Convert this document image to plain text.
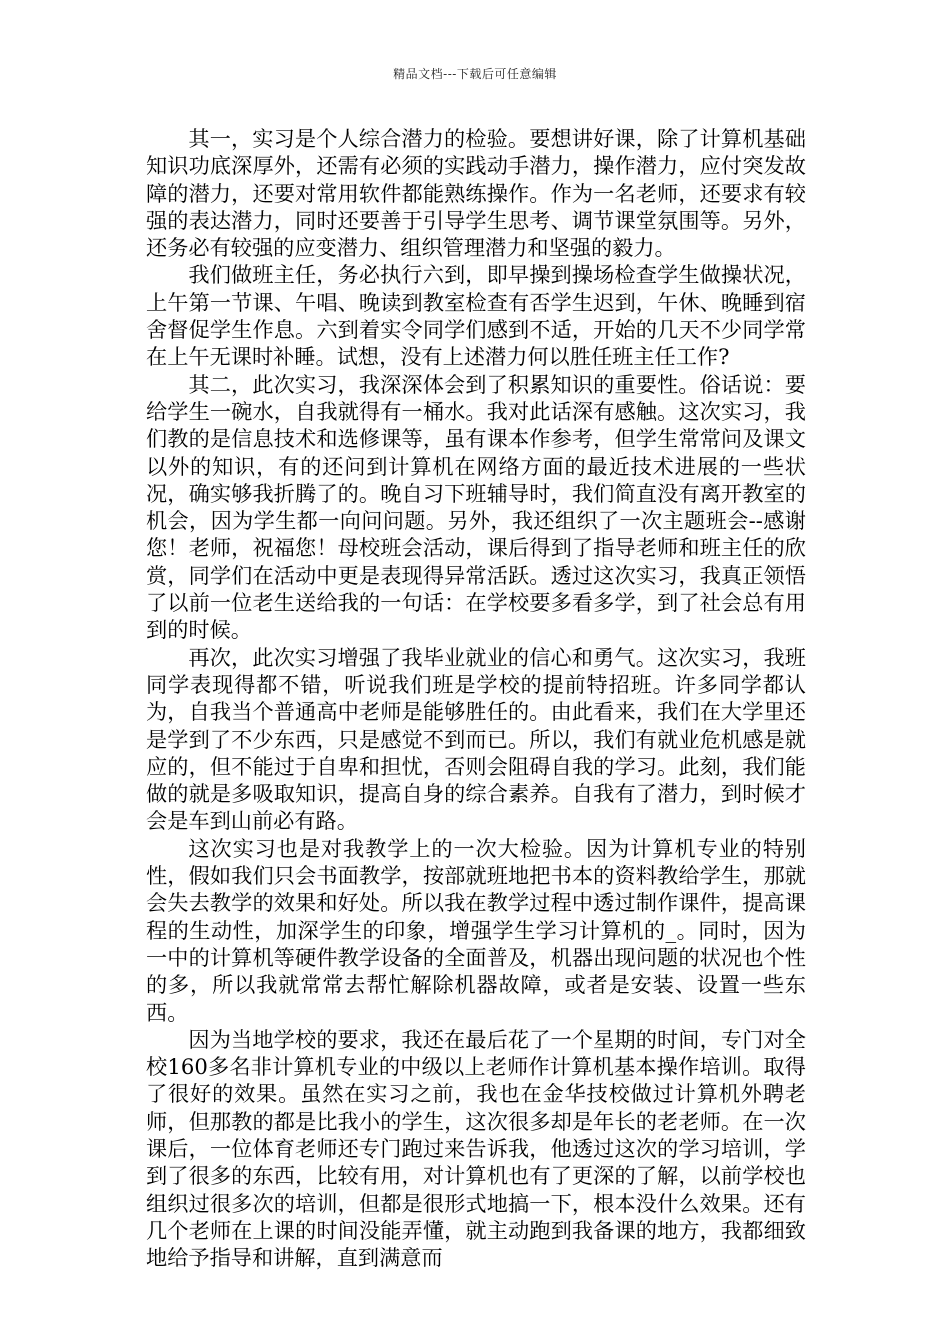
精品文档---下载后可任意编辑

其一，实习是个人综合潜力的检验。要想讲好课，除了计算机基础知识功底深厚外，还需有必须的实践动手潜力，操作潜力，应付突发故障的潜力，还要对常用软件都能熟练操作。作为一名老师，还要求有较强的表达潜力，同时还要善于引导学生思考、调节课堂氛围等。另外，还务必有较强的应变潜力、组织管理潜力和坚强的毅力。

我们做班主任，务必执行六到，即早操到操场检查学生做操状况，上午第一节课、午唱、晚读到教室检查有否学生迟到，午休、晚睡到宿舍督促学生作息。六到着实令同学们感到不适，开始的几天不少同学常在上午无课时补睡。试想，没有上述潜力何以胜任班主任工作?

其二，此次实习，我深深体会到了积累知识的重要性。俗话说：要给学生一碗水，自我就得有一桶水。我对此话深有感触。这次实习，我们教的是信息技术和选修课等，虽有课本作参考，但学生常常问及课文以外的知识，有的还问到计算机在网络方面的最近技术进展的一些状况，确实够我折腾了的。晚自习下班辅导时，我们简直没有离开教室的机会，因为学生都一向问问题。另外，我还组织了一次主题班会--感谢您！老师，祝福您！母校班会活动，课后得到了指导老师和班主任的欣赏，同学们在活动中更是表现得异常活跃。透过这次实习，我真正领悟了以前一位老生送给我的一句话：在学校要多看多学，到了社会总有用到的时候。

再次，此次实习增强了我毕业就业的信心和勇气。这次实习，我班同学表现得都不错，听说我们班是学校的提前特招班。许多同学都认为，自我当个普通高中老师是能够胜任的。由此看来，我们在大学里还是学到了不少东西，只是感觉不到而已。所以，我们有就业危机感是就应的，但不能过于自卑和担忧，否则会阻碍自我的学习。此刻，我们能做的就是多吸取知识，提高自身的综合素养。自我有了潜力，到时候才会是车到山前必有路。

这次实习也是对我教学上的一次大检验。因为计算机专业的特别性，假如我们只会书面教学，按部就班地把书本的资料教给学生，那就会失去教学的效果和好处。所以我在教学过程中透过制作课件，提高课程的生动性，加深学生的印象，增强学生学习计算机的_。同时，因为一中的计算机等硬件教学设备的全面普及，机器出现问题的状况也个性的多，所以我就常常去帮忙解除机器故障，或者是安装、设置一些东西。

因为当地学校的要求，我还在最后花了一个星期的时间，专门对全校160多名非计算机专业的中级以上老师作计算机基本操作培训。取得了很好的效果。虽然在实习之前，我也在金华技校做过计算机外聘老师，但那教的都是比我小的学生，这次很多却是年长的老老师。在一次课后，一位体育老师还专门跑过来告诉我，他透过这次的学习培训，学到了很多的东西，比较有用，对计算机也有了更深的了解，以前学校也组织过很多次的培训，但都是很形式地搞一下，根本没什么效果。还有几个老师在上课的时间没能弄懂，就主动跑到我备课的地方，我都细致地给予指导和讲解，直到满意而
